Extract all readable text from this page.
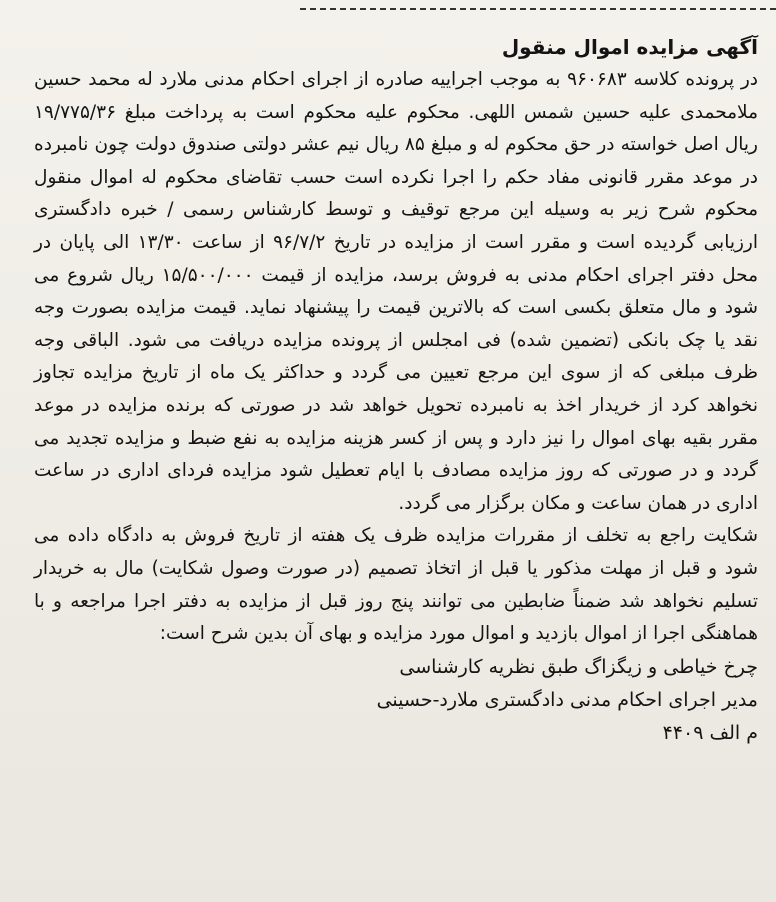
آگهی مزایده اموال منقول

در پرونده کلاسه ۹۶۰۶۸۳ به موجب اجراییه صادره از اجرای احکام مدنی ملارد له محمد حسین ملامحمدی علیه حسین شمس اللهی. محکوم علیه محکوم است به پرداخت مبلغ ۱۹/۷۷۵/۳۶ ریال اصل خواسته در حق محکوم له و مبلغ ۸۵ ریال نیم عشر دولتی صندوق دولت چون نامبرده در موعد مقرر قانونی مفاد حکم را اجرا نکرده است حسب تقاضای محکوم له اموال منقول محکوم شرح زیر به وسیله این مرجع توقیف و توسط کارشناس رسمی / خبره دادگستری ارزیابی گردیده است و مقرر است از مزایده در تاریخ ۹۶/۷/۲ از ساعت ۱۳/۳۰ الی پایان در محل دفتر اجرای احکام مدنی به فروش برسد، مزایده از قیمت ۱۵/۵۰۰/۰۰۰ ریال شروع می شود و مال متعلق بکسی است که بالاترین قیمت را پیشنهاد نماید. قیمت مزایده بصورت وجه نقد یا چک بانکی (تضمین شده) فی امجلس از پرونده مزایده دریافت می شود. الباقی وجه ظرف مبلغی که از سوی این مرجع تعیین می گردد و حداکثر یک ماه از تاریخ مزایده تجاوز نخواهد کرد از خریدار اخذ به نامبرده تحویل خواهد شد در صورتی که برنده مزایده در موعد مقرر بقیه بهای اموال را نیز دارد و پس از کسر هزینه مزایده به نفع ضبط و مزایده تجدید می گردد و در صورتی که روز مزایده مصادف با ایام تعطیل شود مزایده فردای اداری در ساعت اداری در همان ساعت و مکان برگزار می گردد.

شکایت راجع به تخلف از مقررات مزایده ظرف یک هفته از تاریخ فروش به دادگاه داده می شود و قبل از مهلت مذکور یا قبل از اتخاذ تصمیم (در صورت وصول شکایت) مال به خریدار تسلیم نخواهد شد ضمناً ضابطین می توانند پنج روز قبل از مزایده به دفتر اجرا مراجعه و با هماهنگی اجرا از اموال بازدید و اموال مورد مزایده و بهای آن بدین شرح است:

چرخ خیاطی و زیگزاگ طبق نظریه کارشناسی

مدیر اجرای احکام مدنی دادگستری ملارد-حسینی

م الف ۴۴۰۹
